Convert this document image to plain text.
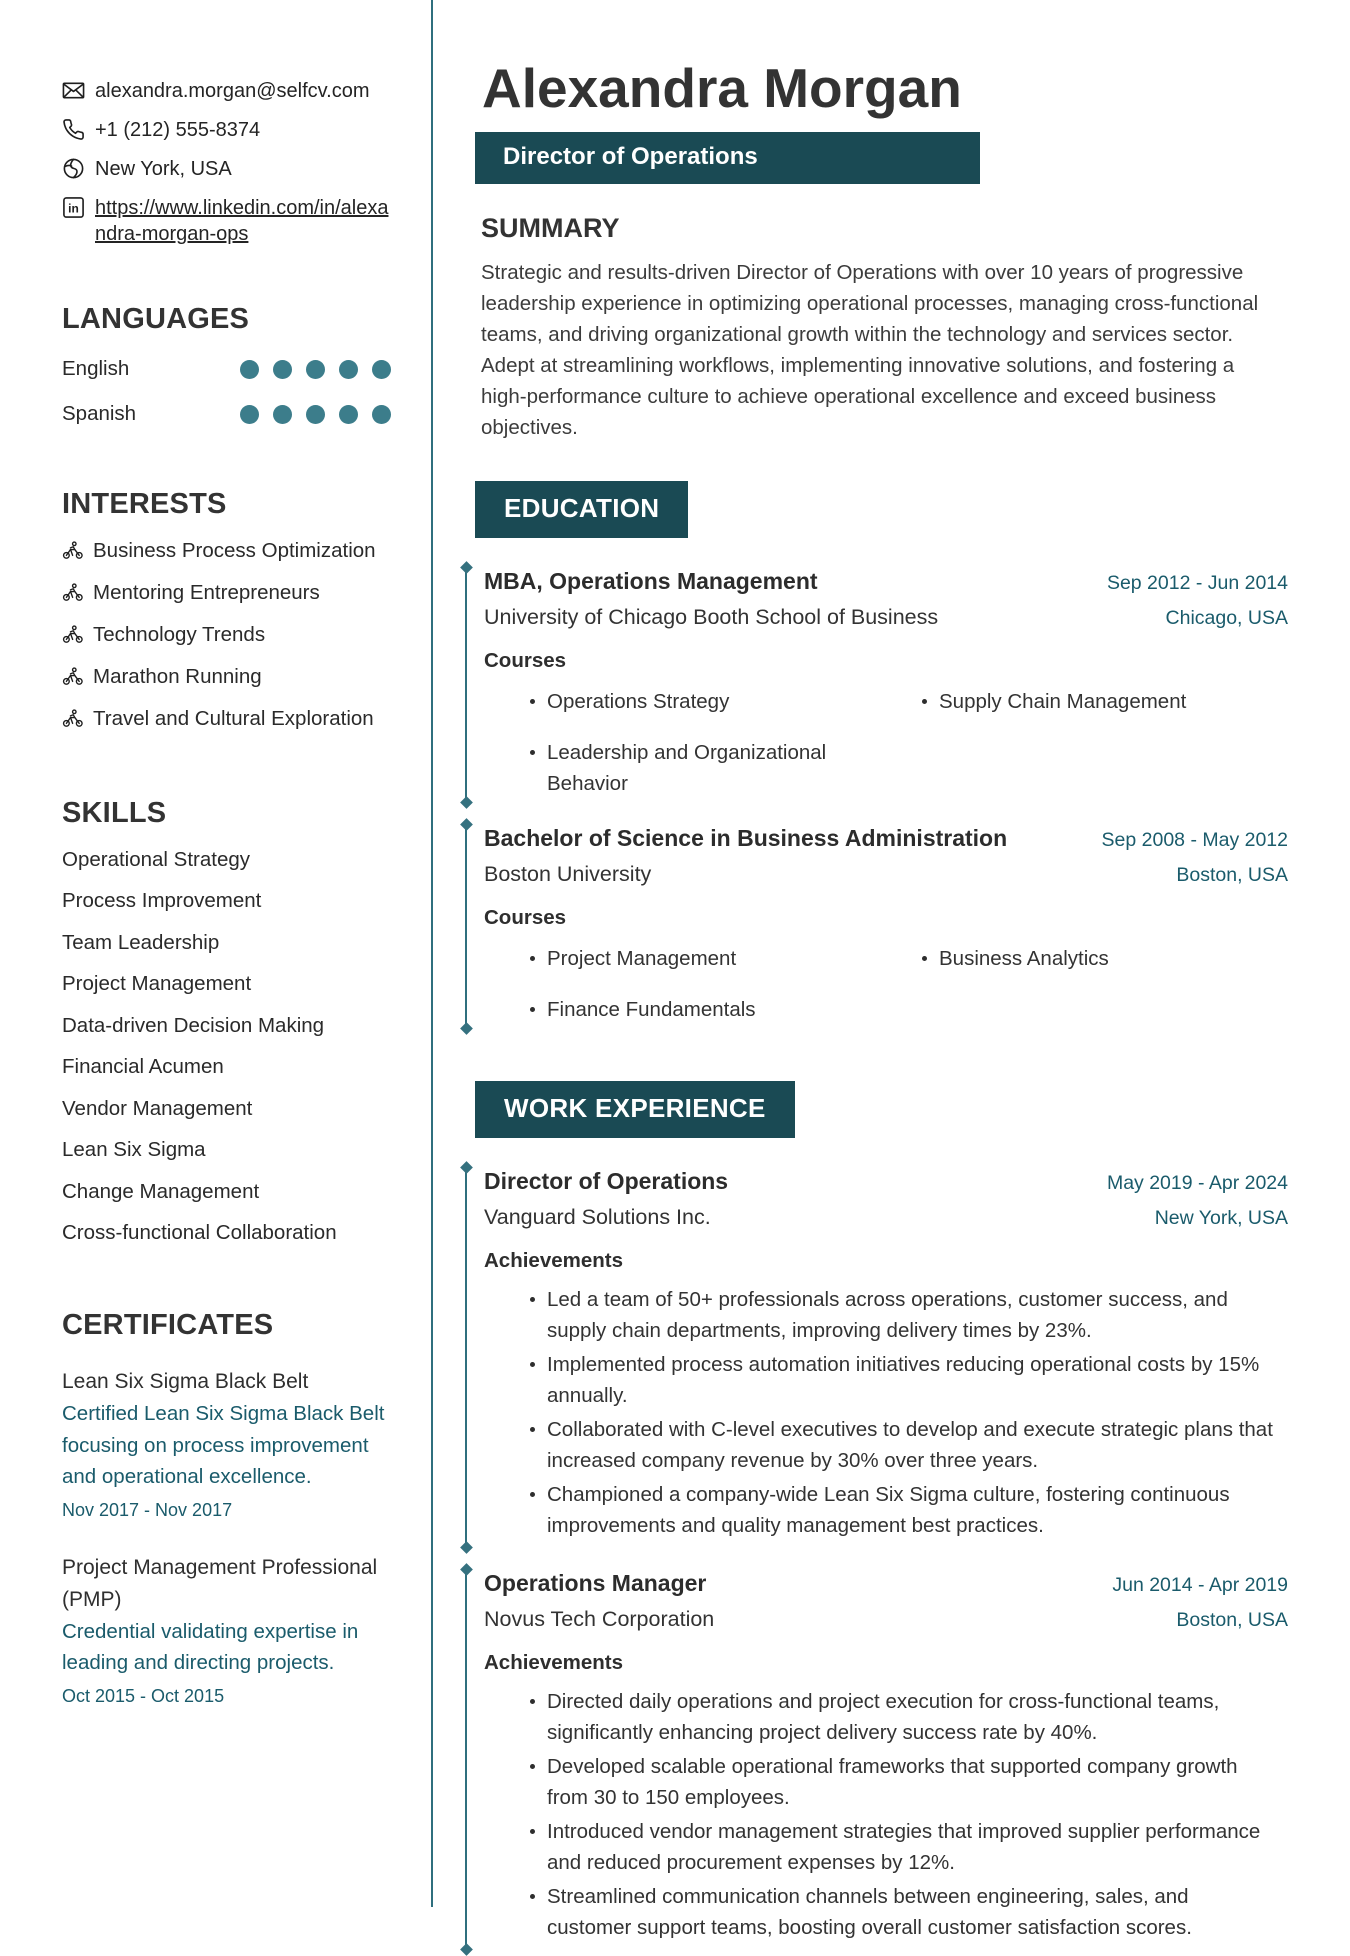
alexandra.morgan@selfcv.com
+1 (212) 555-8374
New York, USA
in https://www.linkedin.com/in/alexandra-morgan-ops
LANGUAGES
English
Spanish
INTERESTS
Business Process Optimization
Mentoring Entrepreneurs
Technology Trends
Marathon Running
Travel and Cultural Exploration
SKILLS
Operational Strategy
Process Improvement
Team Leadership
Project Management
Data-driven Decision Making
Financial Acumen
Vendor Management
Lean Six Sigma
Change Management
Cross-functional Collaboration
CERTIFICATES
Lean Six Sigma Black Belt
Certified Lean Six Sigma Black Belt focusing on process improvement and operational excellence.
Nov 2017 - Nov 2017
Project Management Professional (PMP)
Credential validating expertise in leading and directing projects.
Oct 2015 - Oct 2015
Alexandra Morgan
Director of Operations
SUMMARY
Strategic and results-driven Director of Operations with over 10 years of progressive leadership experience in optimizing operational processes, managing cross-functional teams, and driving organizational growth within the technology and services sector. Adept at streamlining workflows, implementing innovative solutions, and fostering a high-performance culture to achieve operational excellence and exceed business objectives.
EDUCATION
MBA, Operations Management	Sep 2012 - Jun 2014
University of Chicago Booth School of Business	Chicago, USA
Courses
Operations Strategy	Supply Chain Management
Leadership and Organizational Behavior
Bachelor of Science in Business Administration	Sep 2008 - May 2012
Boston University	Boston, USA
Courses
Project Management	Business Analytics
Finance Fundamentals
WORK EXPERIENCE
Director of Operations	May 2019 - Apr 2024
Vanguard Solutions Inc.	New York, USA
Achievements
Led a team of 50+ professionals across operations, customer success, and supply chain departments, improving delivery times by 23%.
Implemented process automation initiatives reducing operational costs by 15% annually.
Collaborated with C-level executives to develop and execute strategic plans that increased company revenue by 30% over three years.
Championed a company-wide Lean Six Sigma culture, fostering continuous improvements and quality management best practices.
Operations Manager	Jun 2014 - Apr 2019
Novus Tech Corporation	Boston, USA
Achievements
Directed daily operations and project execution for cross-functional teams, significantly enhancing project delivery success rate by 40%.
Developed scalable operational frameworks that supported company growth from 30 to 150 employees.
Introduced vendor management strategies that improved supplier performance and reduced procurement expenses by 12%.
Streamlined communication channels between engineering, sales, and customer support teams, boosting overall customer satisfaction scores.
